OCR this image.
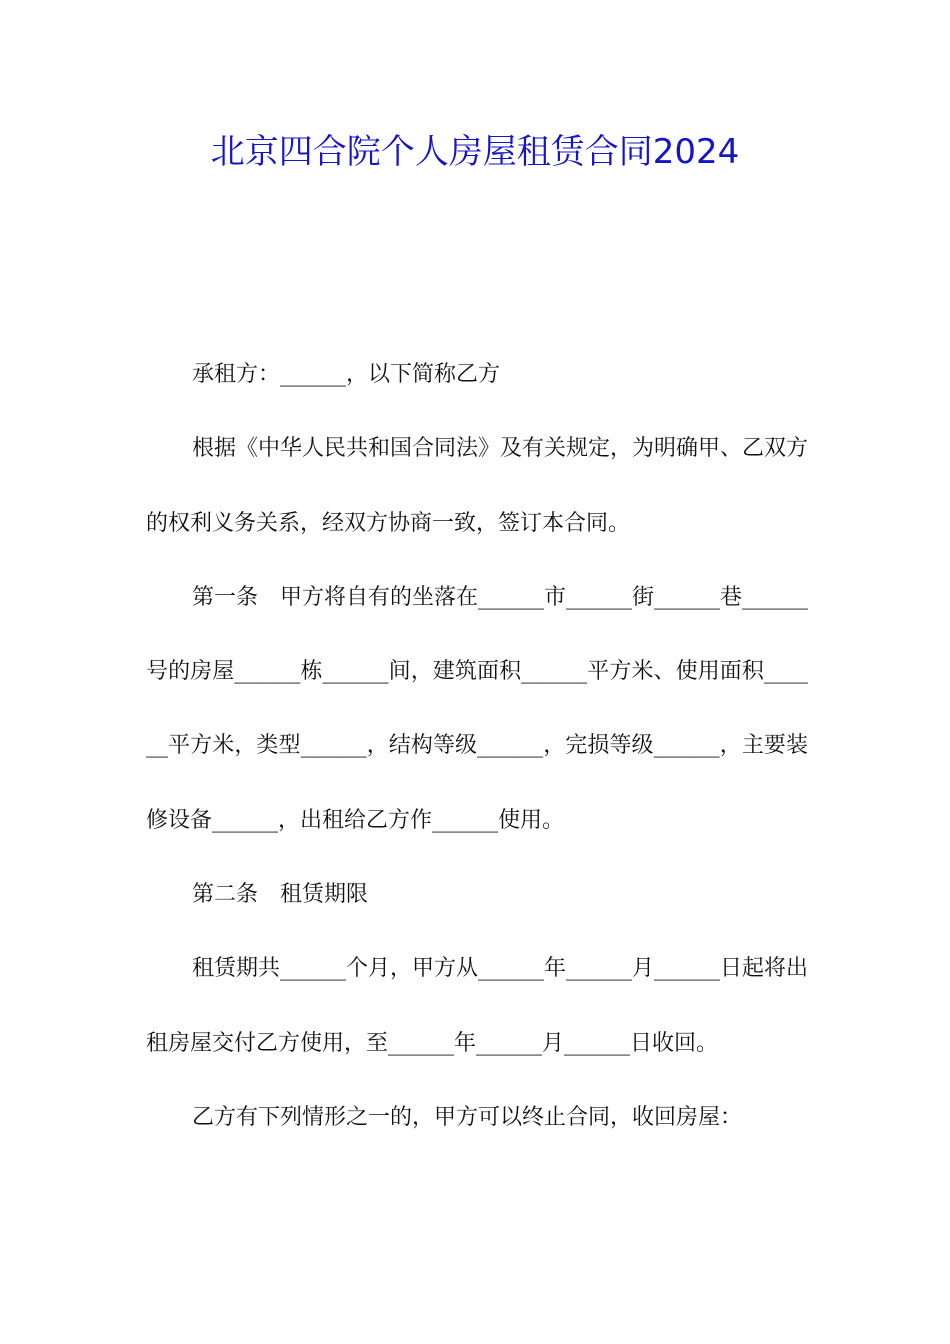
北京四合院个人房屋租赁合同2024

承租方：______，以下简称乙方

根据《中华人民共和国合同法》及有关规定，为明确甲、乙双方的权利义务关系，经双方协商一致，签订本合同。

第一条　甲方将自有的坐落在______市______街______巷______号的房屋______栋______间，建筑面积______平方米、使用面积______平方米，类型______，结构等级______，完损等级______，主要装修设备______，出租给乙方作______使用。

第二条　租赁期限

租赁期共______个月，甲方从______年______月______日起将出租房屋交付乙方使用，至______年______月______日收回。

乙方有下列情形之一的，甲方可以终止合同，收回房屋：
